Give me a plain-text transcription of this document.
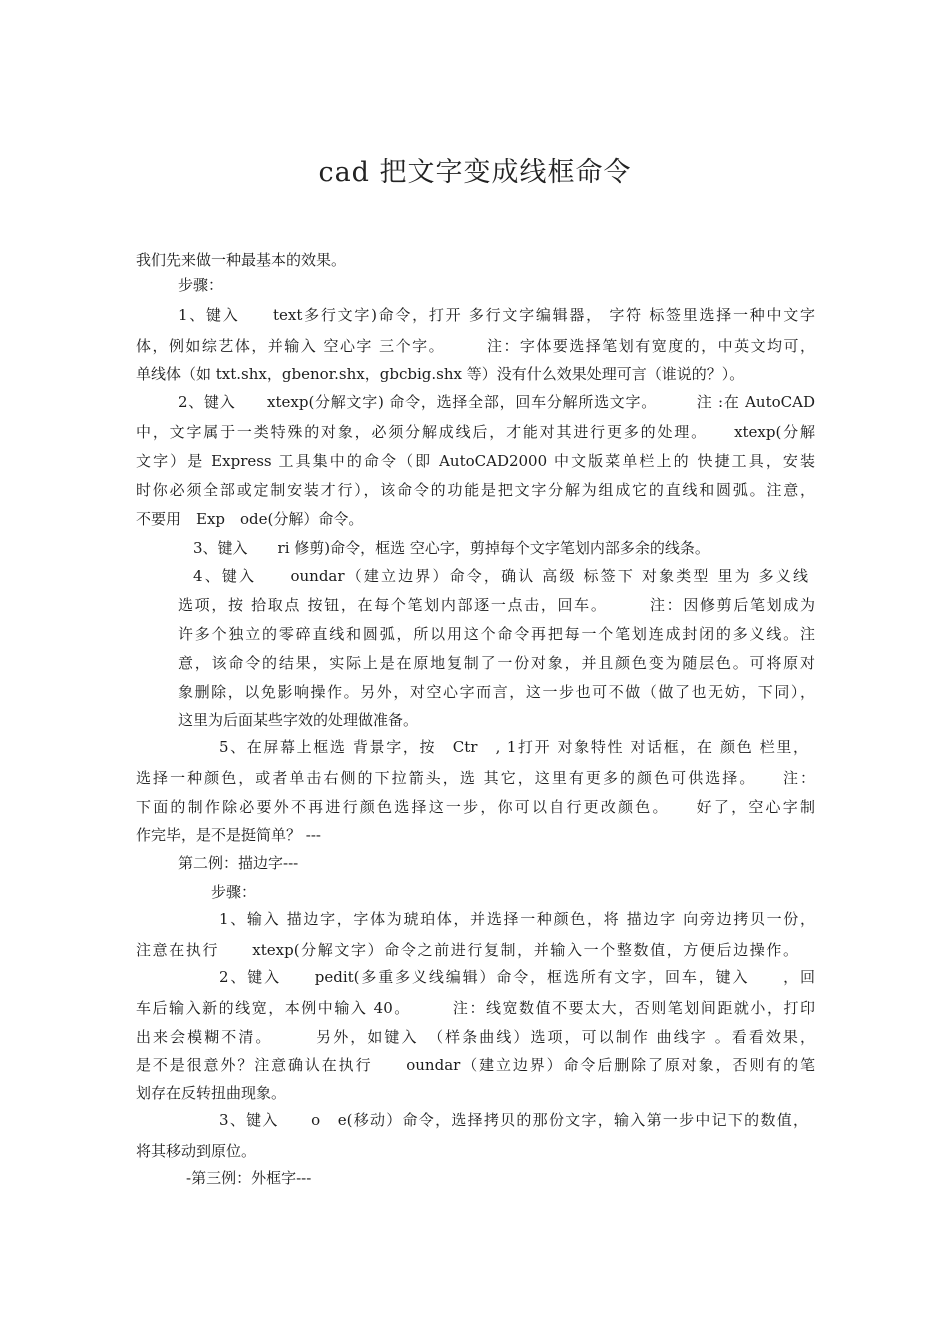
cad 把文字变成线框命令
我们先来做一种最基本的效果。
步骤：
1、键入　　text多行文字)命令，打开 多行文字编辑器， 字符 标签里选择一种中文字
体，例如综艺体，并输入 空心字 三个字。　　　注：字体要选择笔划有宽度的，中英文均可，
单线体（如 txt.shx，gbenor.shx，gbcbig.shx 等）没有什么效果处理可言（谁说的？）。
2、键入　　xtexp(分解文字) 命令，选择全部，回车分解所选文字。　　　注 :在 AutoCAD
中，文字属于一类特殊的对象，必须分解成线后，才能对其进行更多的处理。　　xtexp(分解
文字）是 Express 工具集中的命令（即 AutoCAD2000 中文版菜单栏上的 快捷工具，安装
时你必须全部或定制安装才行），该命令的功能是把文字分解为组成它的直线和圆弧。注意，
不要用　Exp　ode(分解）命令。
3、键入　　ri 修剪)命令，框选 空心字，剪掉每个文字笔划内部多余的线条。
4、键入　　oundar（建立边界）命令，确认 高级 标签下 对象类型 里为 多义线
选项，按 拾取点 按钮，在每个笔划内部逐一点击，回车。　　　注：因修剪后笔划成为
许多个独立的零碎直线和圆弧，所以用这个命令再把每一个笔划连成封闭的多义线。注
意，该命令的结果，实际上是在原地复制了一份对象，并且颜色变为随层色。可将原对
象删除，以免影响操作。另外，对空心字而言，这一步也可不做（做了也无妨，下同），
这里为后面某些字效的处理做准备。
5、在屏幕上框选 背景字，按　Ctr　, 1打开 对象特性 对话框，在 颜色 栏里，
选择一种颜色，或者单击右侧的下拉箭头，选 其它，这里有更多的颜色可供选择。　　注：
下面的制作除必要外不再进行颜色选择这一步，你可以自行更改颜色。　　好了，空心字制
作完毕，是不是挺简单？ ---
第二例：描边字---
步骤：
1、输入 描边字，字体为琥珀体，并选择一种颜色，将 描边字 向旁边拷贝一份，
注意在执行　　xtexp(分解文字）命令之前进行复制，并输入一个整数值，方便后边操作。
2、键入　　pedit(多重多义线编辑）命令，框选所有文字，回车，键入　　，回
车后输入新的线宽，本例中输入 40。　　　注：线宽数值不要太大，否则笔划间距就小，打印
出来会模糊不清。　　　另外，如键入　（样条曲线）选项，可以制作 曲线字 。看看效果，
是不是很意外？注意确认在执行　　oundar（建立边界）命令后删除了原对象，否则有的笔
划存在反转扭曲现象。
3、键入　　o　e(移动）命令，选择拷贝的那份文字，输入第一步中记下的数值，
将其移动到原位。
-第三例：外框字---
